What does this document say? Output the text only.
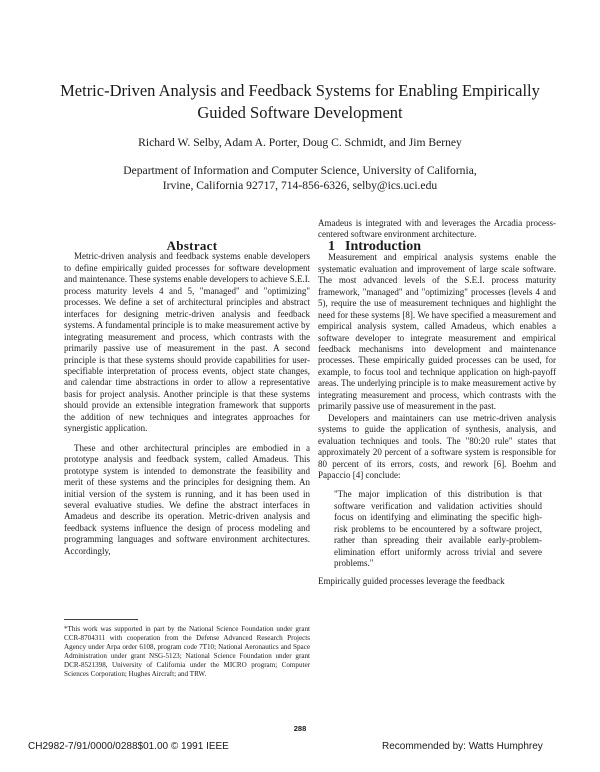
Metric-Driven Analysis and Feedback Systems for Enabling Empirically
Guided Software Development
Richard W. Selby, Adam A. Porter, Doug C. Schmidt, and Jim Berney
Department of Information and Computer Science, University of California,
Irvine, California 92717, 714-856-6326, selby@ics.uci.edu

Abstract

Metric-driven analysis and feedback systems enable developers to define empirically guided processes for software development and maintenance. These systems enable developers to achieve S.E.I. process maturity levels 4 and 5, "managed" and "optimizing" processes. We define a set of architectural principles and abstract interfaces for designing metric-driven analysis and feedback systems. A fundamental principle is to make measurement active by integrating measurement and process, which contrasts with the primarily passive use of measurement in the past. A second principle is that these systems should provide capabilities for user-specifiable interpretation of process events, object state changes, and calendar time abstractions in order to allow a representative basis for project analysis. Another principle is that these systems should provide an extensible integration framework that supports the addition of new techniques and integrates approaches for synergistic application.

These and other architectural principles are embodied in a prototype analysis and feedback system, called Amadeus. This prototype system is intended to demonstrate the feasibility and merit of these systems and the principles for designing them. An initial version of the system is running, and it has been used in several evaluative studies. We define the abstract interfaces in Amadeus and describe its operation. Metric-driven analysis and feedback systems influence the design of process modeling and programming languages and software environment architectures. Accordingly,

*This work was supported in part by the National Science Foundation under grant CCR-8704311 with cooperation from the Defense Advanced Research Projects Agency under Arpa order 6108, program code 7T10; National Aeronautics and Space Administration under grant NSG-5123; National Science Foundation under grant DCR-8521398, University of California under the MICRO program; Computer Sciences Corporation; Hughes Aircraft; and TRW.

Amadeus is integrated with and leverages the Arcadia process-centered software environment architecture.

1 Introduction

Measurement and empirical analysis systems enable the systematic evaluation and improvement of large scale software. The most advanced levels of the S.E.I. process maturity framework, "managed" and "optimizing" processes (levels 4 and 5), require the use of measurement techniques and highlight the need for these systems [8]. We have specified a measurement and empirical analysis system, called Amadeus, which enables a software developer to integrate measurement and empirical feedback mechanisms into development and maintenance processes. These empirically guided processes can be used, for example, to focus tool and technique application on high-payoff areas. The underlying principle is to make measurement active by integrating measurement and process, which contrasts with the primarily passive use of measurement in the past.

Developers and maintainers can use metric-driven analysis systems to guide the application of synthesis, analysis, and evaluation techniques and tools. The "80:20 rule" states that approximately 20 percent of a software system is responsible for 80 percent of its errors, costs, and rework [6]. Boehm and Papaccio [4] conclude:

"The major implication of this distribution is that software verification and validation activities should focus on identifying and eliminating the specific high-risk problems to be encountered by a software project, rather than spreading their available early-problem-elimination effort uniformly across trivial and severe problems."

Empirically guided processes leverage the feedback

288
CH2982-7/91/0000/0288$01.00 © 1991 IEEE	Recommended by: Watts Humphrey
